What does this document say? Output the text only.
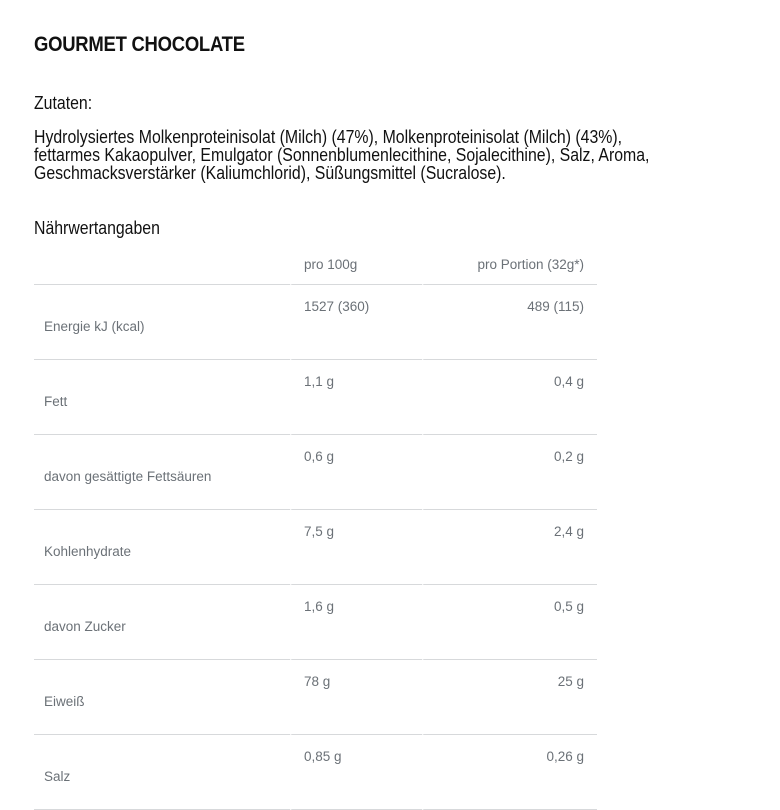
GOURMET CHOCOLATE

Zutaten:

Hydrolysiertes Molkenproteinisolat (Milch) (47%), Molkenproteinisolat (Milch) (43%), fettarmes Kakaopulver, Emulgator (Sonnenblumenlecithine, Sojalecithine), Salz, Aroma, Geschmacksverstärker (Kaliumchlorid), Süßungsmittel (Sucralose).

Nährwertangaben

	pro 100g	pro Portion (32g*)
Energie kJ (kcal)	1527 (360)	489 (115)
Fett	1,1 g	0,4 g
davon gesättigte Fettsäuren	0,6 g	0,2 g
Kohlenhydrate	7,5 g	2,4 g
davon Zucker	1,6 g	0,5 g
Eiweiß	78 g	25 g
Salz	0,85 g	0,26 g
